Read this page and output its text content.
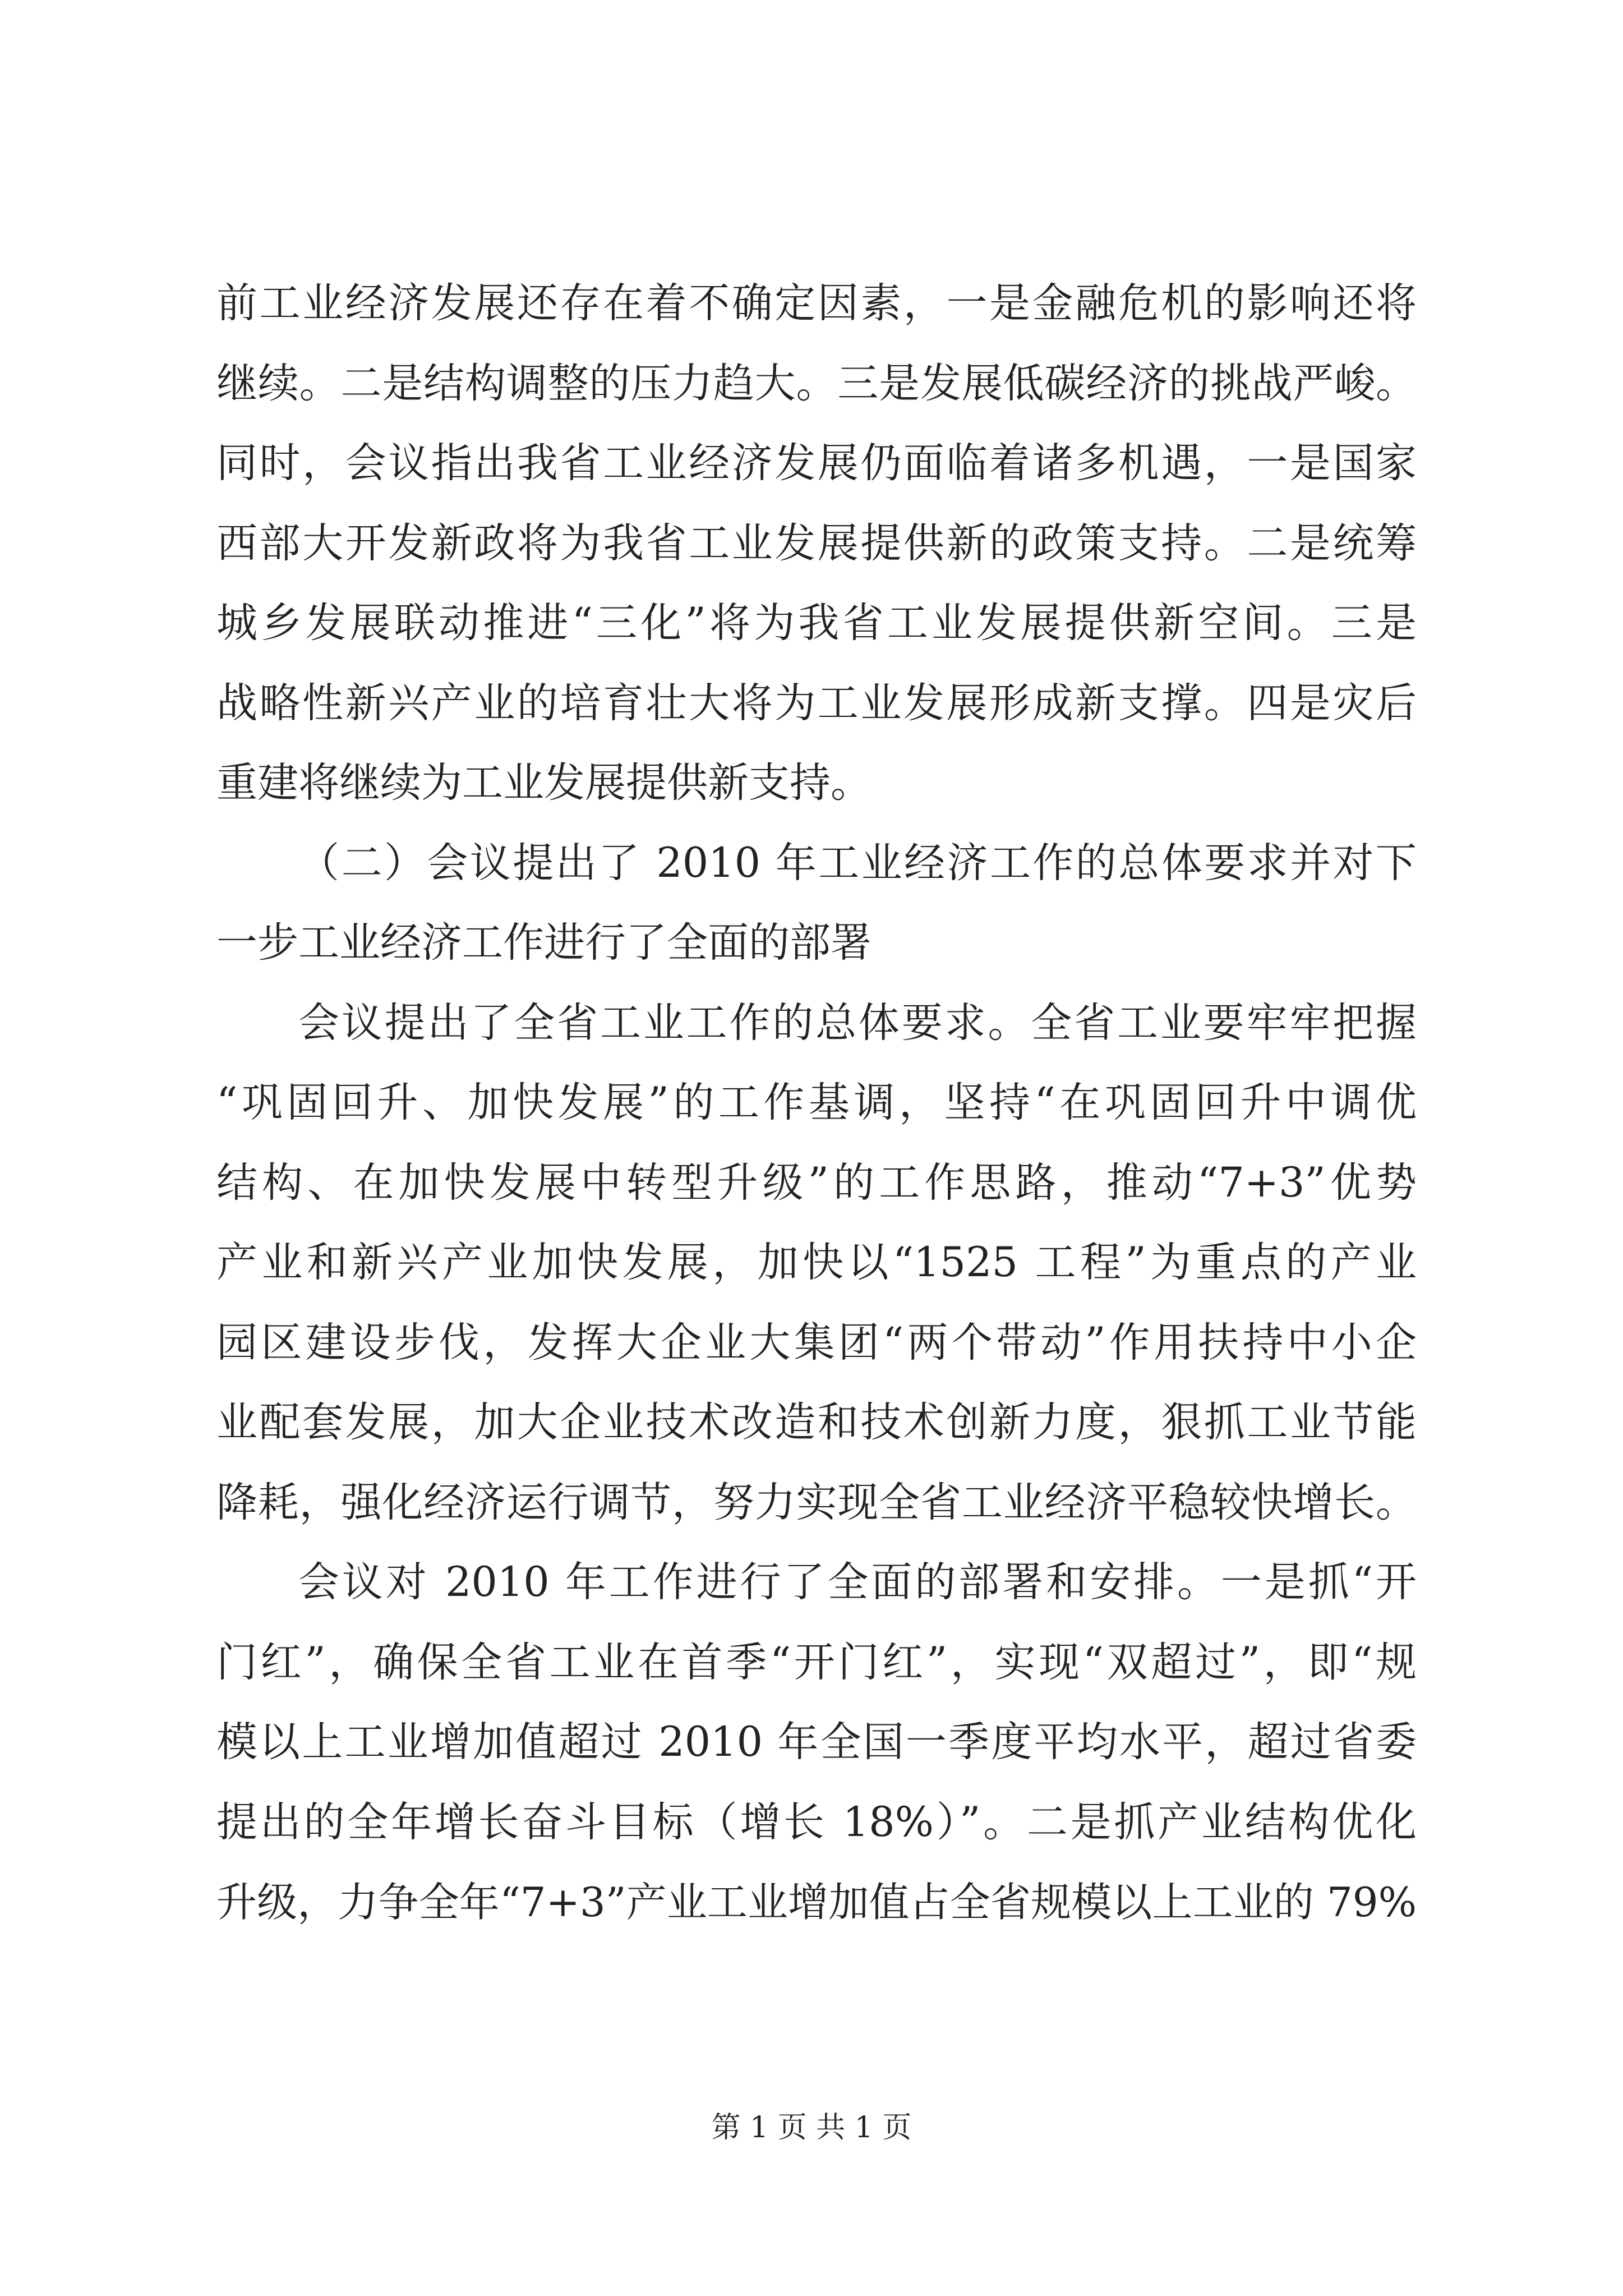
前工业经济发展还存在着不确定因素，一是金融危机的影响还将
继续。二是结构调整的压力趋大。三是发展低碳经济的挑战严峻。
同时，会议指出我省工业经济发展仍面临着诸多机遇，一是国家
西部大开发新政将为我省工业发展提供新的政策支持。二是统筹
城乡发展联动推进“三化”将为我省工业发展提供新空间。三是
战略性新兴产业的培育壮大将为工业发展形成新支撑。四是灾后
重建将继续为工业发展提供新支持。
（二）会议提出了 2010 年工业经济工作的总体要求并对下
一步工业经济工作进行了全面的部署
会议提出了全省工业工作的总体要求。全省工业要牢牢把握
“巩固回升、加快发展”的工作基调，坚持“在巩固回升中调优
结构、在加快发展中转型升级”的工作思路，推动“7+3”优势
产业和新兴产业加快发展，加快以“1525 工程”为重点的产业
园区建设步伐，发挥大企业大集团“两个带动”作用扶持中小企
业配套发展，加大企业技术改造和技术创新力度，狠抓工业节能
降耗，强化经济运行调节，努力实现全省工业经济平稳较快增长。
会议对 2010 年工作进行了全面的部署和安排。一是抓“开
门红”，确保全省工业在首季“开门红”，实现“双超过”，即“规
模以上工业增加值超过 2010 年全国一季度平均水平，超过省委
提出的全年增长奋斗目标（增长 18%）”。二是抓产业结构优化
升级，力争全年“7+3”产业工业增加值占全省规模以上工业的 79%
第 1 页 共 1 页
